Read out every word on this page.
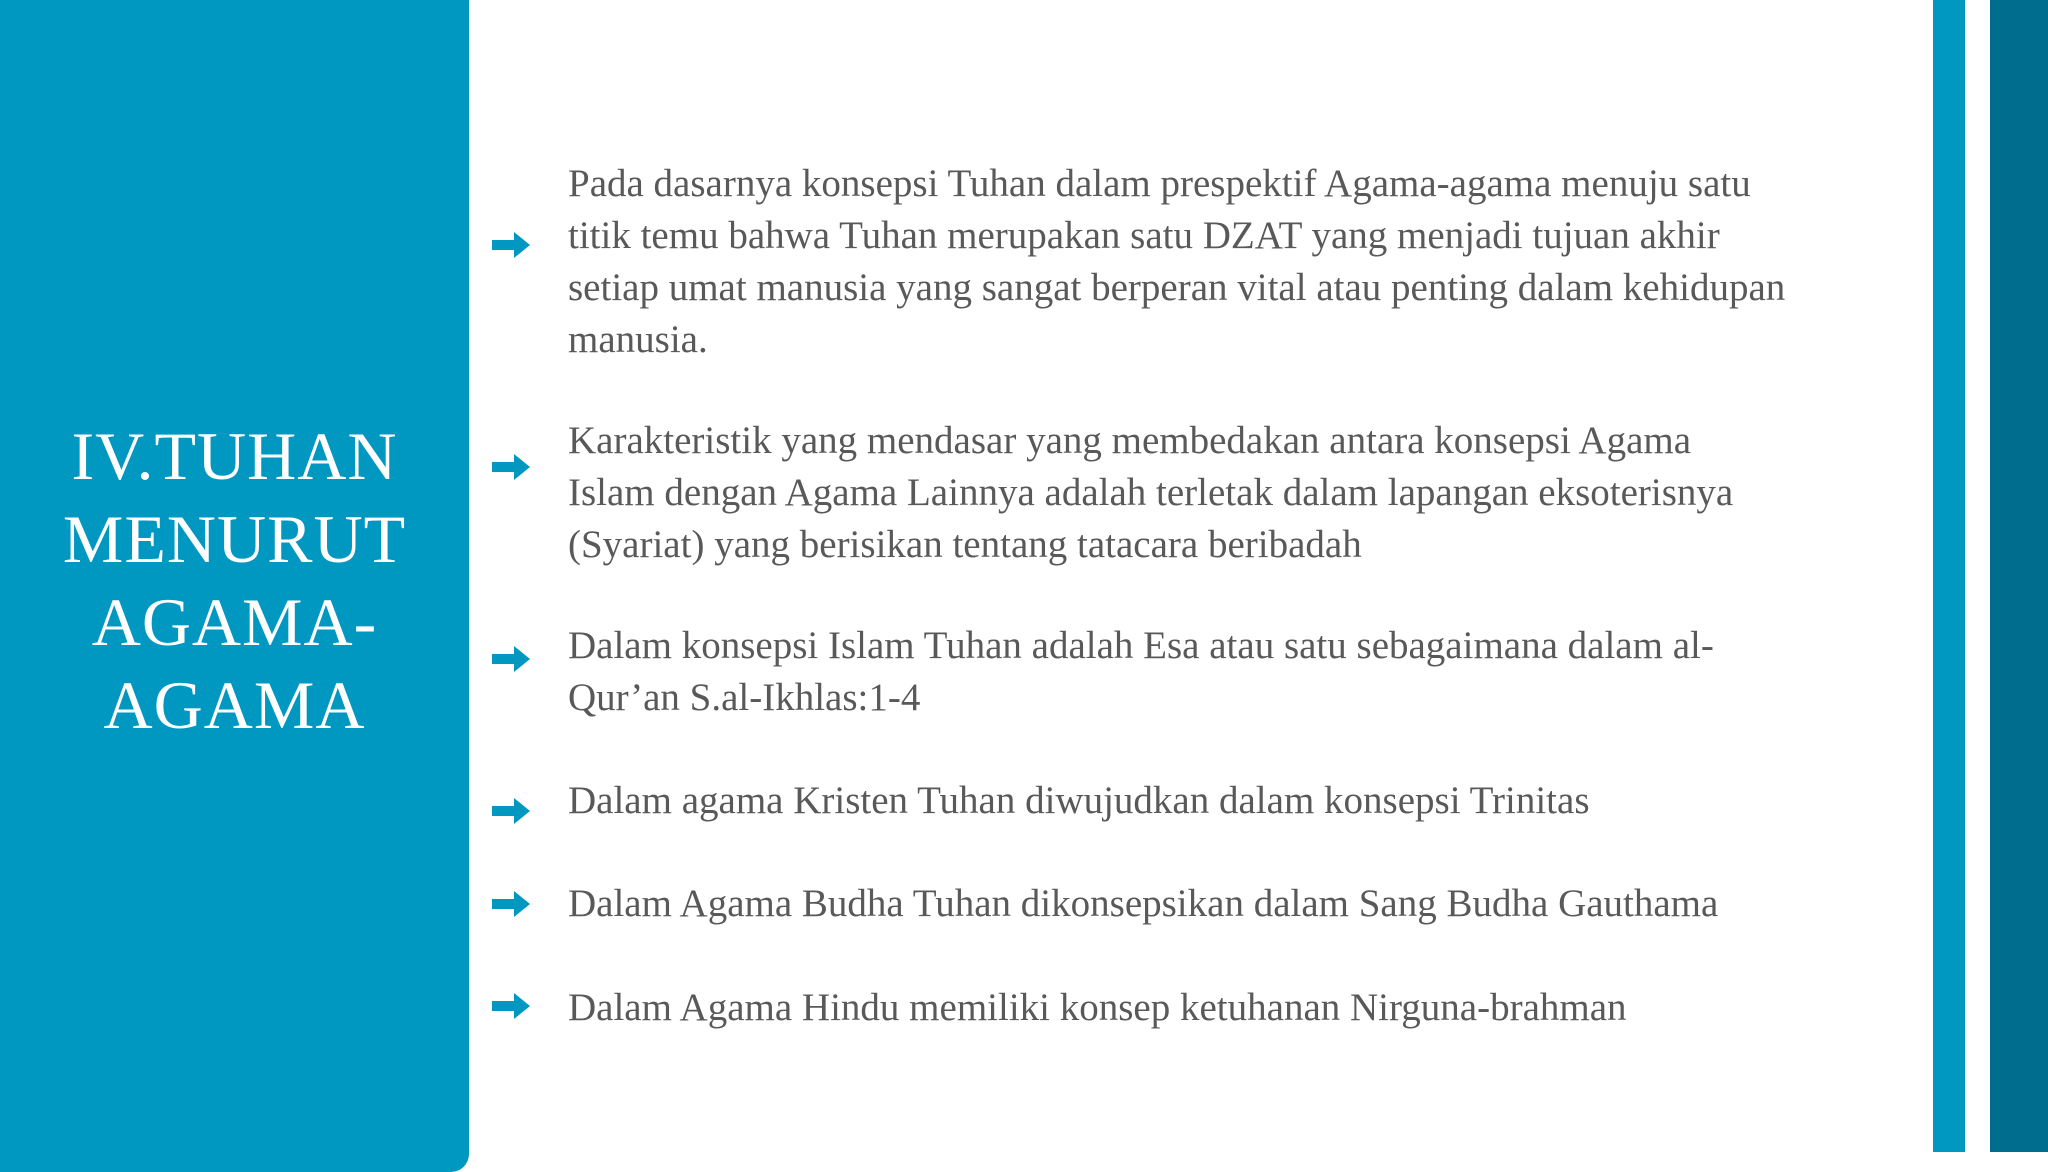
IV.TUHAN
MENURUT
AGAMA-
AGAMA
Pada dasarnya konsepsi Tuhan dalam prespektif Agama-agama menuju satu
titik temu bahwa Tuhan merupakan satu DZAT yang menjadi tujuan akhir
setiap umat manusia yang sangat berperan vital atau penting dalam kehidupan
manusia.
Karakteristik yang mendasar yang membedakan antara konsepsi Agama
Islam dengan Agama Lainnya adalah terletak dalam lapangan eksoterisnya
(Syariat) yang berisikan tentang tatacara beribadah
Dalam konsepsi Islam Tuhan adalah Esa atau satu sebagaimana dalam al-
Qur’an S.al-Ikhlas:1-4
Dalam agama Kristen Tuhan diwujudkan dalam konsepsi Trinitas
Dalam Agama Budha Tuhan dikonsepsikan dalam Sang Budha Gauthama
Dalam Agama Hindu memiliki konsep ketuhanan Nirguna-brahman
